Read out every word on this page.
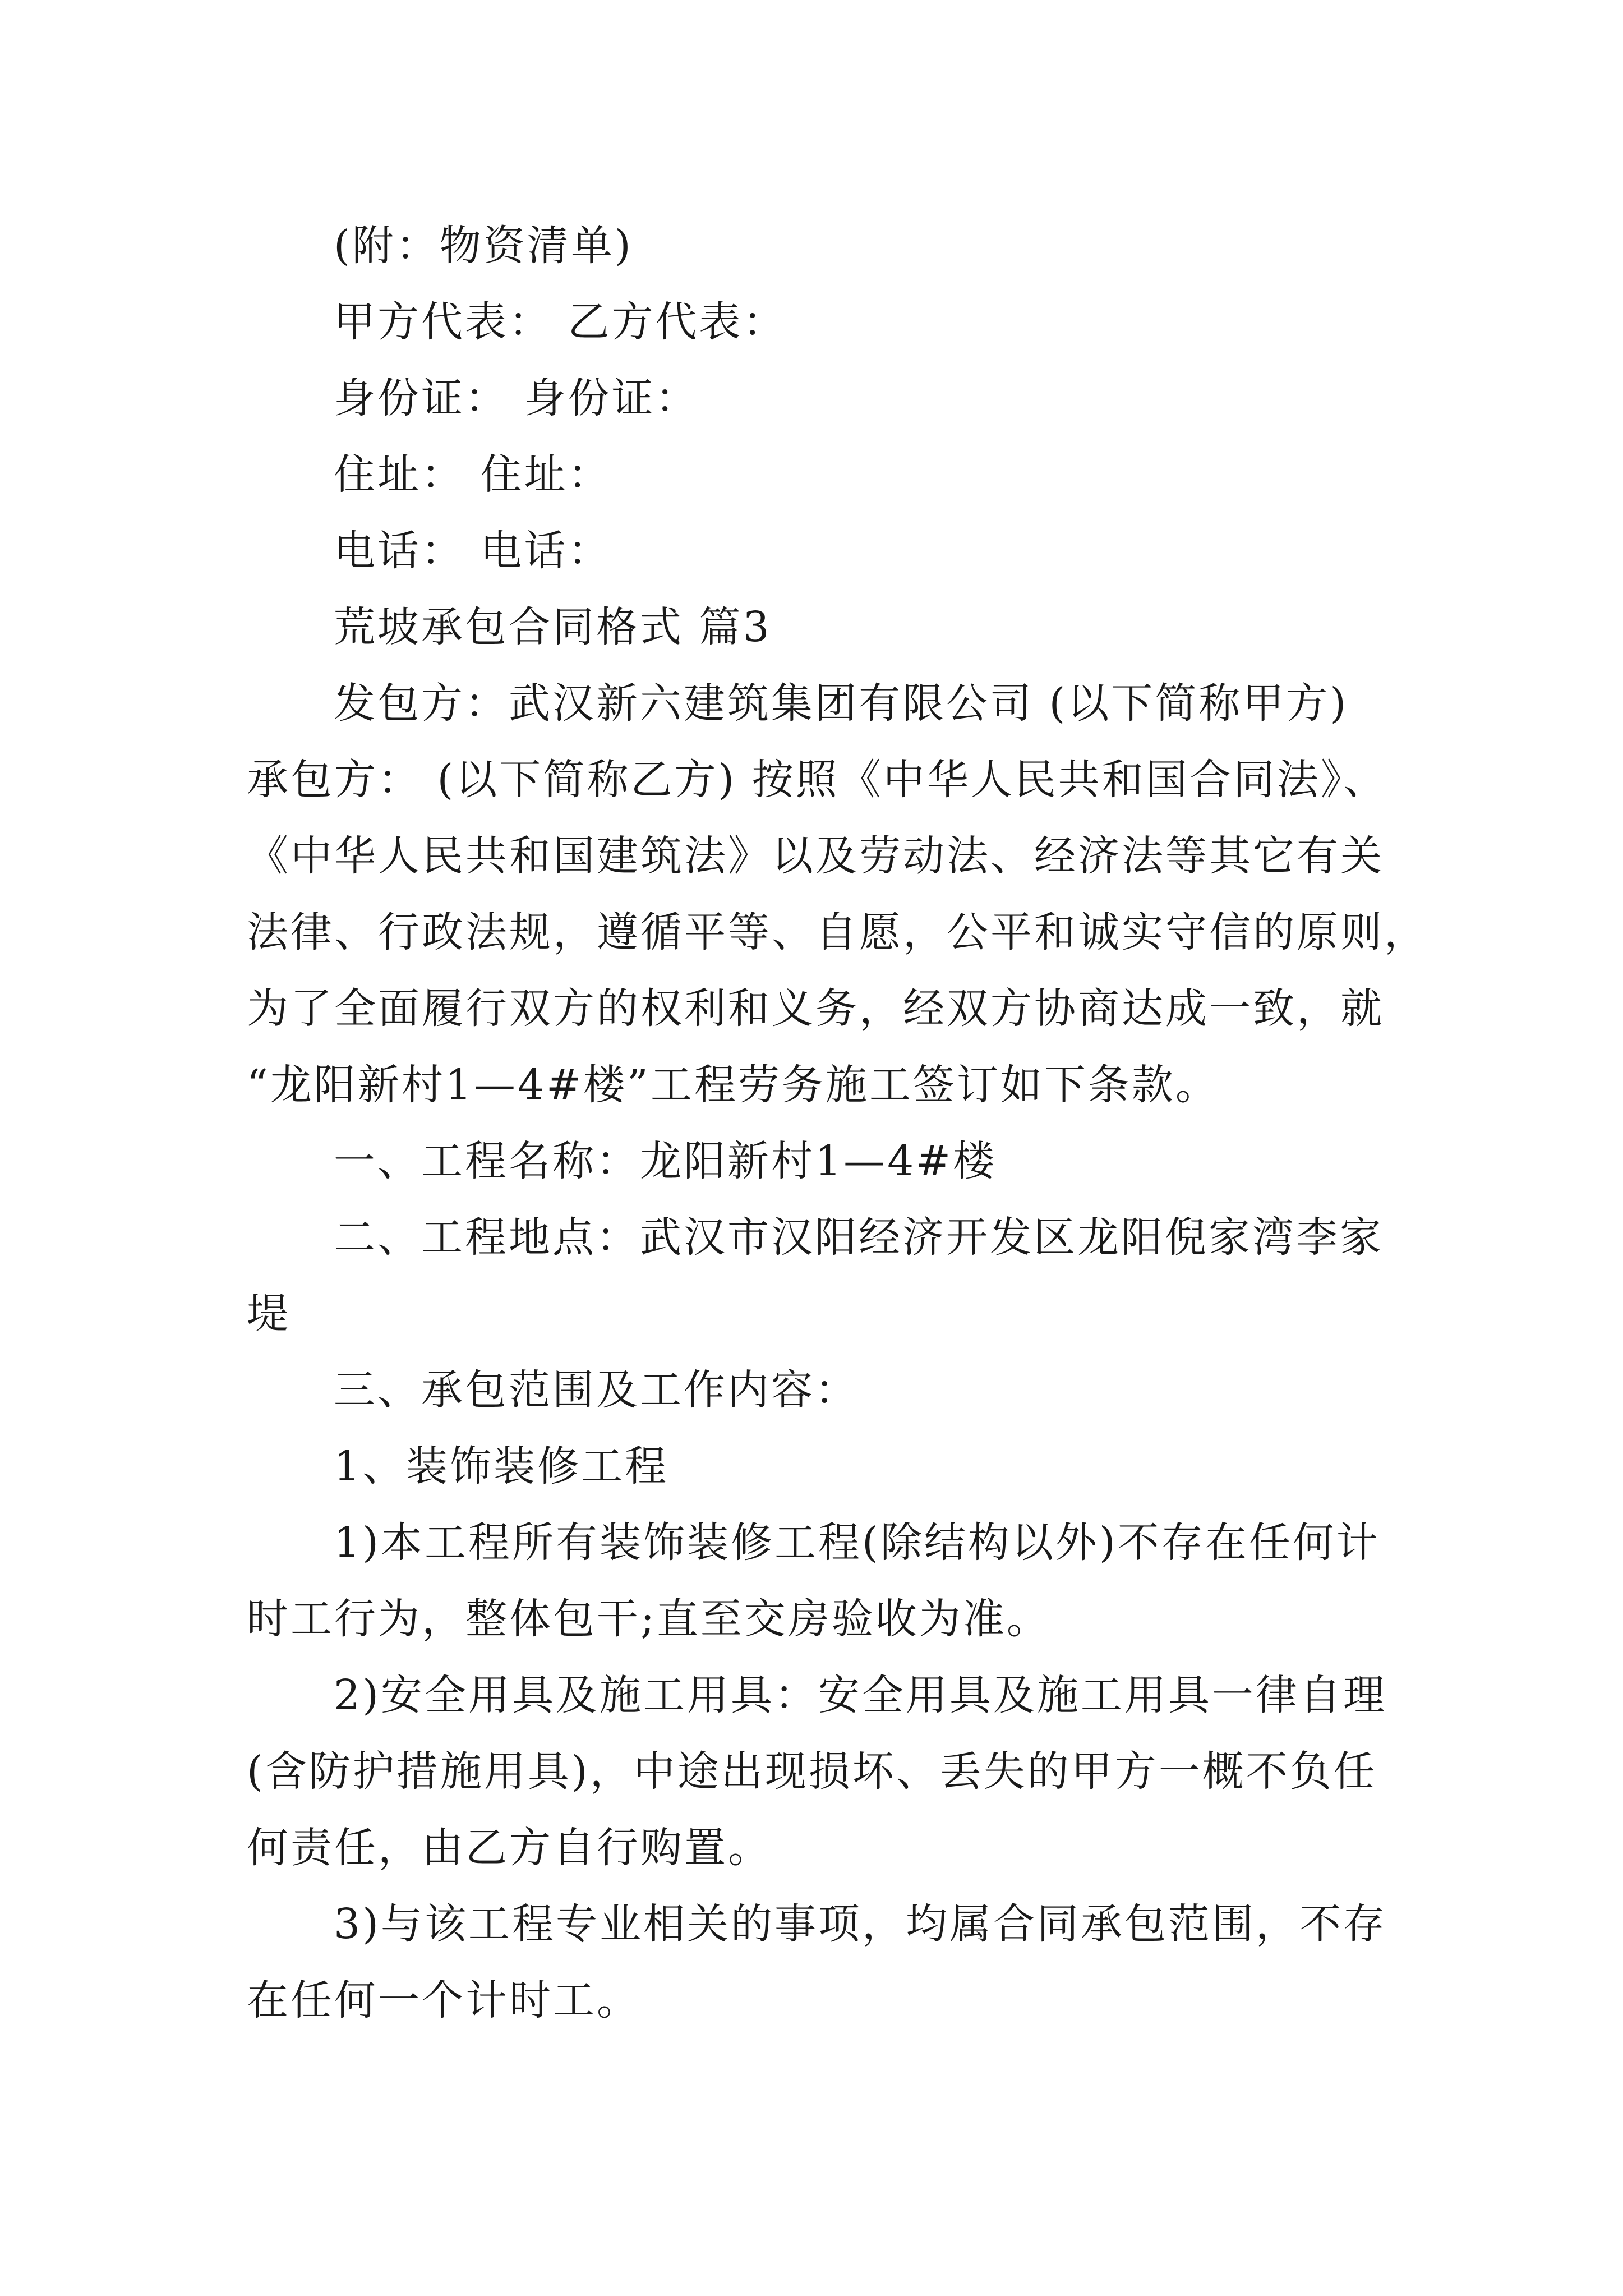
(附：物资清单)
甲方代表： 乙方代表：
身份证： 身份证：
住址： 住址：
电话： 电话：
荒坡承包合同格式 篇3
发包方：武汉新六建筑集团有限公司 (以下简称甲方)
承包方： (以下简称乙方) 按照《中华人民共和国合同法》、
《中华人民共和国建筑法》以及劳动法、经济法等其它有关
法律、行政法规，遵循平等、自愿，公平和诚实守信的原则，
为了全面履行双方的权利和义务，经双方协商达成一致，就
“龙阳新村1—4#楼”工程劳务施工签订如下条款。
一、工程名称：龙阳新村1—4#楼
二、工程地点：武汉市汉阳经济开发区龙阳倪家湾李家
堤
三、承包范围及工作内容：
1、装饰装修工程
1)本工程所有装饰装修工程(除结构以外)不存在任何计
时工行为，整体包干;直至交房验收为准。
2)安全用具及施工用具：安全用具及施工用具一律自理
(含防护措施用具)，中途出现损坏、丢失的甲方一概不负任
何责任，由乙方自行购置。
3)与该工程专业相关的事项，均属合同承包范围，不存
在任何一个计时工。
